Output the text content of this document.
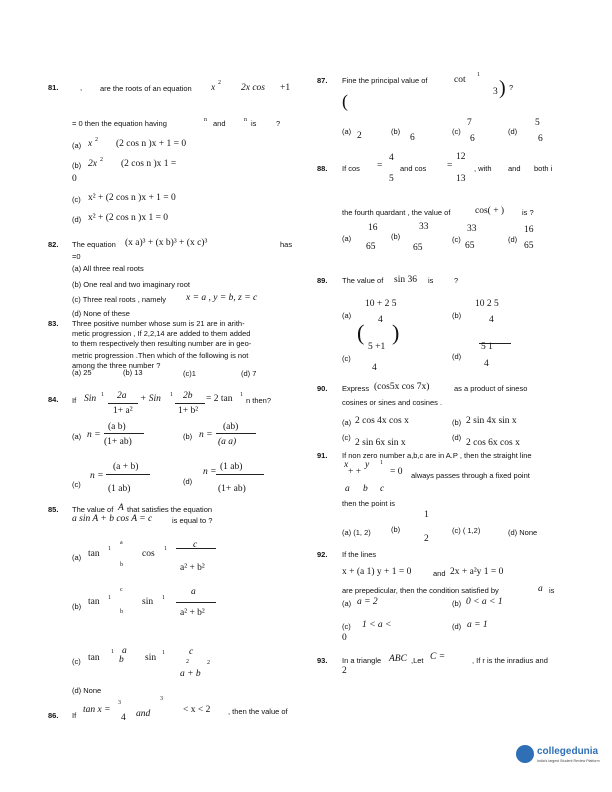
81.	, are the roots of an equation x 2 2x cos +1
= 0 then the equation having	n and	n is	?
(a) x 2 (2 cos n )x + 1 = 0
(b) 2x 2 (2 cos n )x 1 =
0
(c) x² + (2 cos n )x + 1 = 0
(d) x² + (2 cos n )x 1 = 0
82. The equation (x a)³ + (x b)³ + (x c)³	has
=0
(a) All three real roots
(b) One real and two imaginary root
(c) Three real roots , namely x = a , y = b, z = c
(d) None of these
83. Three positive number whose sum is 21 are in arith-
metic progression , If 2,2,14 are added to them added
to them respectively then resulting number are in geo-
metric progression .Then which of the following is not
among the three number ?
(a) 25	(b) 13	(c)1	(d) 7
84. If Sin 1 2a
1+ a²
+ Sin 1 2b
1+ b²
= 2 tan 1
n then?
(a) n =
(a b)
(1+ ab)
(b) n =
(ab)
(a a)
(c)
n =
(a + b)
(1 ab)
(d)
n = (1 ab)
(1+ ab)
85. The value of A that satisfies the equation
a sin A + b cos A = c	is equal to ?
(a) tan 1
a
b
cos 1	c
a² + b²
(b) tan 1
c
b
sin 1
a
a² + b²
(c) tan
1 a
b sin 1	c
2	2
a + b
(d) None
86. If
tan x =
4
3
and
3
< x < 2 , then the value of
87. Fine the principal value of	cot 1
3 ) ?
(
(a) 2	(b)
6
(c)
7
6
(d)
5
6
88. If cos =
4
5
and cos =
12
13
, with and both i
the fourth quardant , the value of	cos( + ) is ?
(a)
16
65
(b)
33
65
(c)
33
65
(d)
16
65
89. The value of sin 36 is	?
(a)
10 + 2 5
4	(b)
10 2 5
4
( )
(c)
5 +1
4
(d)
5 1
4
90. Express (cos5x cos 7x)	as a product of sineso
cosines or sines and cosines .
(a) 2 cos 4x cos x	(b) 2 sin 4x sin x
(c)
2 sin 6x sin x
(d)
2 cos 6x cos x
91. If non zero number a,b,c are in A.P , then the straight line
x y 1
+ +	= 0 always passes through a fixed point
a b c
then the point is
(a) (1, 2)	(b)
1
2
(c) ( 1,2)	(d) None
92. If the lines
x + (a 1) y + 1 = 0	and 2x + a²y 1 = 0
are prepedicular, then the condition satisfied by	a is
(a) a = 2	(b) 0 < a < 1
(c) 1 < a <
0
(d) a = 1
93. In a triangle ABC ,Let C =
2
, If r is the inradius and
collegedunia
India's largest Student Review Platform
